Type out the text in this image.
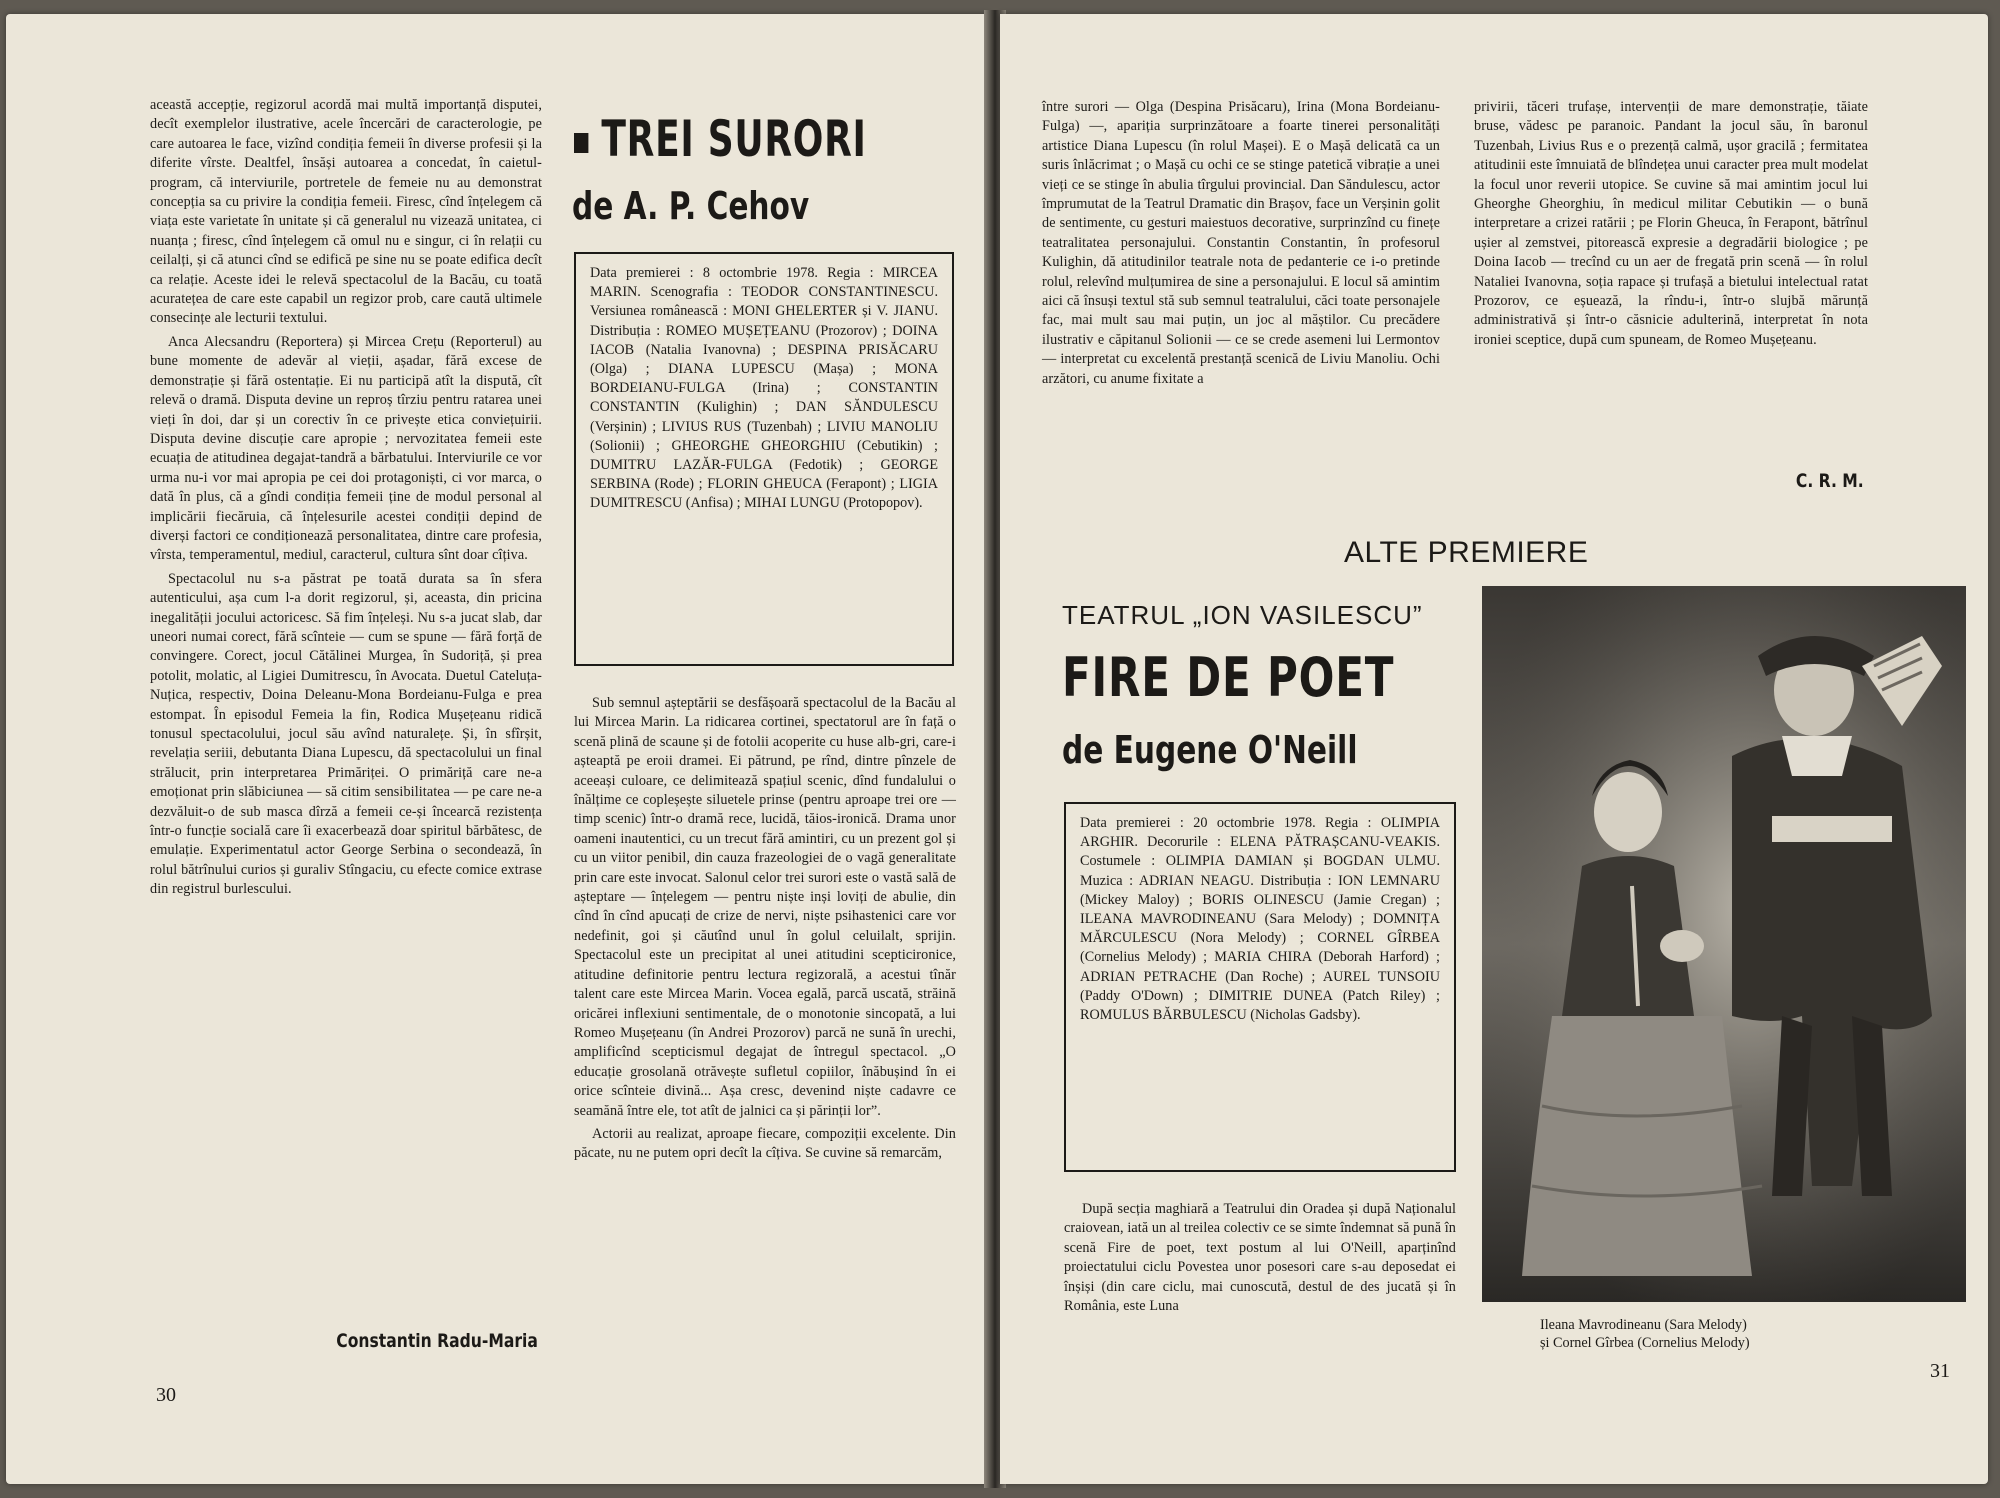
această accepție, regizorul acordă mai multă importanță disputei, decît exemplelor ilustrative, acele încercări de caracterologie, pe care autoarea le face, vizînd condiția femeii în diverse profesii și la diferite vîrste. Dealtfel, însăși autoarea a concedat, în caietul-program, că interviurile, portretele de femeie nu au demonstrat concepția sa cu privire la condiția femeii. Firesc, cînd înțelegem că viața este varietate în unitate și că generalul nu vizează unitatea, ci nuanța ; firesc, cînd înțelegem că omul nu e singur, ci în relații cu ceilalți, și că atunci cînd se edifică pe sine nu se poate edifica decît ca relație. Aceste idei le relevă spectacolul de la Bacău, cu toată acuratețea de care este capabil un regizor prob, care caută ultimele consecințe ale lecturii textului.

Anca Alecsandru (Reportera) și Mircea Crețu (Reporterul) au bune momente de adevăr al vieții, așadar, fără excese de demonstrație și fără ostentație. Ei nu participă atît la dispută, cît relevă o dramă. Disputa devine un reproș tîrziu pentru ratarea unei vieți în doi, dar și un corectiv în ce privește etica conviețuirii. Disputa devine discuție care apropie ; nervozitatea femeii este ecuația de atitudinea degajat-tandră a bărbatului. Interviurile ce vor urma nu-i vor mai apropia pe cei doi protagoniști, ci vor marca, o dată în plus, că a gîndi condiția femeii ține de modul personal al implicării fiecăruia, că înțelesurile acestei condiții depind de diverși factori ce condiționează personalitatea, dintre care profesia, vîrsta, temperamentul, mediul, caracterul, cultura sînt doar cîțiva.

Spectacolul nu s-a păstrat pe toată durata sa în sfera autenticului, așa cum l-a dorit regizorul, și, aceasta, din pricina inegalității jocului actoricesc. Să fim înțeleși. Nu s-a jucat slab, dar uneori numai corect, fără scînteie — cum se spune — fără forță de convingere. Corect, jocul Cătălinei Murgea, în Sudoriță, și prea potolit, molatic, al Ligiei Dumitrescu, în Avocata. Duetul Cateluța-Nuțica, respectiv, Doina Deleanu-Mona Bordeianu-Fulga e prea estompat. În episodul Femeia la fin, Rodica Mușețeanu ridică tonusul spectacolului, jocul său avînd naturalețe. Și, în sfîrșit, revelația seriii, debutanta Diana Lupescu, dă spectacolului un final strălucit, prin interpretarea Primăriței. O primăriță care ne-a emoționat prin slăbiciunea — să citim sensibilitatea — pe care ne-a dezvăluit-o de sub masca dîrză a femeii ce-și încearcă rezistența într-o funcție socială care îi exacerbează doar spiritul bărbătesc, de emulație. Experimentatul actor George Serbina o secondează, în rolul bătrînului curios și guraliv Stîngaciu, cu efecte comice extrase din registrul burlescului.

Constantin Radu-Maria
30
TREI SURORI
de A. P. Cehov
Data premierei : 8 octombrie 1978. Regia : MIRCEA MARIN. Scenografia : TEODOR CONSTANTINESCU. Versiunea românească : MONI GHELERTER și V. JIANU. Distribuția : ROMEO MUȘEȚEANU (Prozorov) ; DOINA IACOB (Natalia Ivanovna) ; DESPINA PRISĂCARU (Olga) ; DIANA LUPESCU (Mașa) ; MONA BORDEIANU-FULGA (Irina) ; CONSTANTIN CONSTANTIN (Kulighin) ; DAN SĂNDULESCU (Verșinin) ; LIVIUS RUS (Tuzenbah) ; LIVIU MANOLIU (Solionii) ; GHEORGHE GHEORGHIU (Cebutikin) ; DUMITRU LAZĂR-FULGA (Fedotik) ; GEORGE SERBINA (Rode) ; FLORIN GHEUCA (Ferapont) ; LIGIA DUMITRESCU (Anfisa) ; MIHAI LUNGU (Protopopov).

Sub semnul așteptării se desfășoară spectacolul de la Bacău al lui Mircea Marin. La ridicarea cortinei, spectatorul are în față o scenă plină de scaune și de fotolii acoperite cu huse alb-gri, care-i așteaptă pe eroii dramei. Ei pătrund, pe rînd, dintre pînzele de aceeași culoare, ce delimitează spațiul scenic, dînd fundalului o înălțime ce copleșește siluetele prinse (pentru aproape trei ore — timp scenic) într-o dramă rece, lucidă, tăios-ironică. Drama unor oameni inautentici, cu un trecut fără amintiri, cu un prezent gol și cu un viitor penibil, din cauza frazeologiei de o vagă generalitate prin care este invocat. Salonul celor trei surori este o vastă sală de așteptare — înțelegem — pentru niște inși loviți de abulie, din cînd în cînd apucați de crize de nervi, niște psihastenici care vor nedefinit, goi și căutînd unul în golul celuilalt, sprijin. Spectacolul este un precipitat al unei atitudini scepticironice, atitudine definitorie pentru lectura regizorală, a acestui tînăr talent care este Mircea Marin. Vocea egală, parcă uscată, străină oricărei inflexiuni sentimentale, de o monotonie sincopată, a lui Romeo Mușețeanu (în Andrei Prozorov) parcă ne sună în urechi, amplificînd scepticismul degajat de întregul spectacol. „O educație grosolană otrăvește sufletul copiilor, înăbușind în ei orice scînteie divină... Așa cresc, devenind niște cadavre ce seamănă între ele, tot atît de jalnici ca și părinții lor”.

Actorii au realizat, aproape fiecare, compoziții excelente. Din păcate, nu ne putem opri decît la cîțiva. Se cuvine să remarcăm,

între surori — Olga (Despina Prisăcaru), Irina (Mona Bordeianu-Fulga) —, apariția surprinzătoare a foarte tinerei personalități artistice Diana Lupescu (în rolul Mașei). E o Mașă delicată ca un suris înlăcrimat ; o Mașă cu ochi ce se stinge patetică vibrație a unei vieți ce se stinge în abulia tîrgului provincial. Dan Săndulescu, actor împrumutat de la Teatrul Dramatic din Brașov, face un Verșinin golit de sentimente, cu gesturi maiestuos decorative, surprinzînd cu finețe teatralitatea personajului. Constantin Constantin, în profesorul Kulighin, dă atitudinilor teatrale nota de pedanterie ce i-o pretinde rolul, relevînd mulțumirea de sine a personajului. E locul să amintim aici că însuși textul stă sub semnul teatralului, căci toate personajele fac, mai mult sau mai puțin, un joc al măștilor. Cu precădere ilustrativ e căpitanul Solionii — ce se crede asemeni lui Lermontov — interpretat cu excelentă prestanță scenică de Liviu Manoliu. Ochi arzători, cu anume fixitate a

privirii, tăceri trufașe, intervenții de mare demonstrație, tăiate bruse, vădesc pe paranoic. Pandant la jocul său, în baronul Tuzenbah, Livius Rus e o prezență calmă, ușor gracilă ; fermitatea atitudinii este îmnuiată de blîndețea unui caracter prea mult modelat la focul unor reverii utopice. Se cuvine să mai amintim jocul lui Gheorghe Gheorghiu, în medicul militar Cebutikin — o bună interpretare a crizei ratării ; pe Florin Gheuca, în Ferapont, bătrînul ușier al zemstvei, pitorească expresie a degradării biologice ; pe Doina Iacob — trecînd cu un aer de fregată prin scenă — în rolul Nataliei Ivanovna, soția rapace și trufașă a bietului intelectual ratat Prozorov, ce eșuează, la rîndu-i, într-o slujbă mărunță administrativă și într-o căsnicie adulterină, interpretat în nota ironiei sceptice, după cum spuneam, de Romeo Mușețeanu.

C. R. M.
ALTE PREMIERE
TEATRUL „ION VASILESCU”
FIRE DE POET
de Eugene O'Neill
Data premierei : 20 octombrie 1978. Regia : OLIMPIA ARGHIR. Decorurile : ELENA PĂTRAȘCANU-VEAKIS. Costumele : OLIMPIA DAMIAN și BOGDAN ULMU. Muzica : ADRIAN NEAGU. Distribuția : ION LEMNARU (Mickey Maloy) ; BORIS OLINESCU (Jamie Cregan) ; ILEANA MAVRODINEANU (Sara Melody) ; DOMNIȚA MĂRCULESCU (Nora Melody) ; CORNEL GÎRBEA (Cornelius Melody) ; MARIA CHIRA (Deborah Harford) ; ADRIAN PETRACHE (Dan Roche) ; AUREL TUNSOIU (Paddy O'Down) ; DIMITRIE DUNEA (Patch Riley) ; ROMULUS BĂRBULESCU (Nicholas Gadsby).

După secția maghiară a Teatrului din Oradea și după Naționalul craiovean, iată un al treilea colectiv ce se simte îndemnat să pună în scenă Fire de poet, text postum al lui O'Neill, aparținînd proiectatului ciclu Povestea unor posesori care s-au deposedat ei înșiși (din care ciclu, mai cunoscută, destul de des jucată și în România, este Luna

Ileana Mavrodineanu (Sara Melody)
și Cornel Gîrbea (Cornelius Melody)
31
